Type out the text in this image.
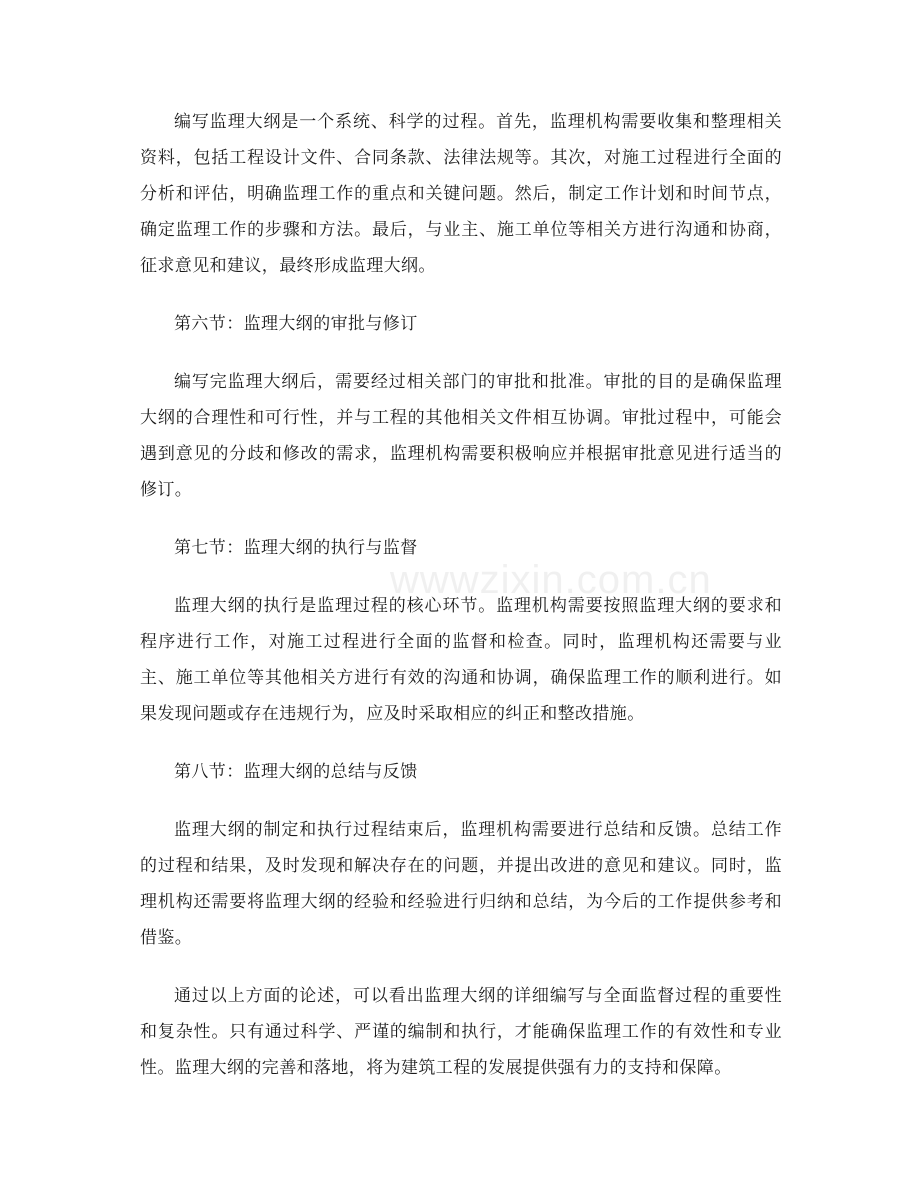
编写监理大纲是一个系统、科学的过程。首先，监理机构需要收集和整理相关资料，包括工程设计文件、合同条款、法律法规等。其次，对施工过程进行全面的分析和评估，明确监理工作的重点和关键问题。然后，制定工作计划和时间节点，确定监理工作的步骤和方法。最后，与业主、施工单位等相关方进行沟通和协商，征求意见和建议，最终形成监理大纲。

第六节：监理大纲的审批与修订

编写完监理大纲后，需要经过相关部门的审批和批准。审批的目的是确保监理大纲的合理性和可行性，并与工程的其他相关文件相互协调。审批过程中，可能会遇到意见的分歧和修改的需求，监理机构需要积极响应并根据审批意见进行适当的修订。

第七节：监理大纲的执行与监督

监理大纲的执行是监理过程的核心环节。监理机构需要按照监理大纲的要求和程序进行工作，对施工过程进行全面的监督和检查。同时，监理机构还需要与业主、施工单位等其他相关方进行有效的沟通和协调，确保监理工作的顺利进行。如果发现问题或存在违规行为，应及时采取相应的纠正和整改措施。

第八节：监理大纲的总结与反馈

监理大纲的制定和执行过程结束后，监理机构需要进行总结和反馈。总结工作的过程和结果，及时发现和解决存在的问题，并提出改进的意见和建议。同时，监理机构还需要将监理大纲的经验和经验进行归纳和总结，为今后的工作提供参考和借鉴。

通过以上方面的论述，可以看出监理大纲的详细编写与全面监督过程的重要性和复杂性。只有通过科学、严谨的编制和执行，才能确保监理工作的有效性和专业性。监理大纲的完善和落地，将为建筑工程的发展提供强有力的支持和保障。

wwwzixin.com.cn
